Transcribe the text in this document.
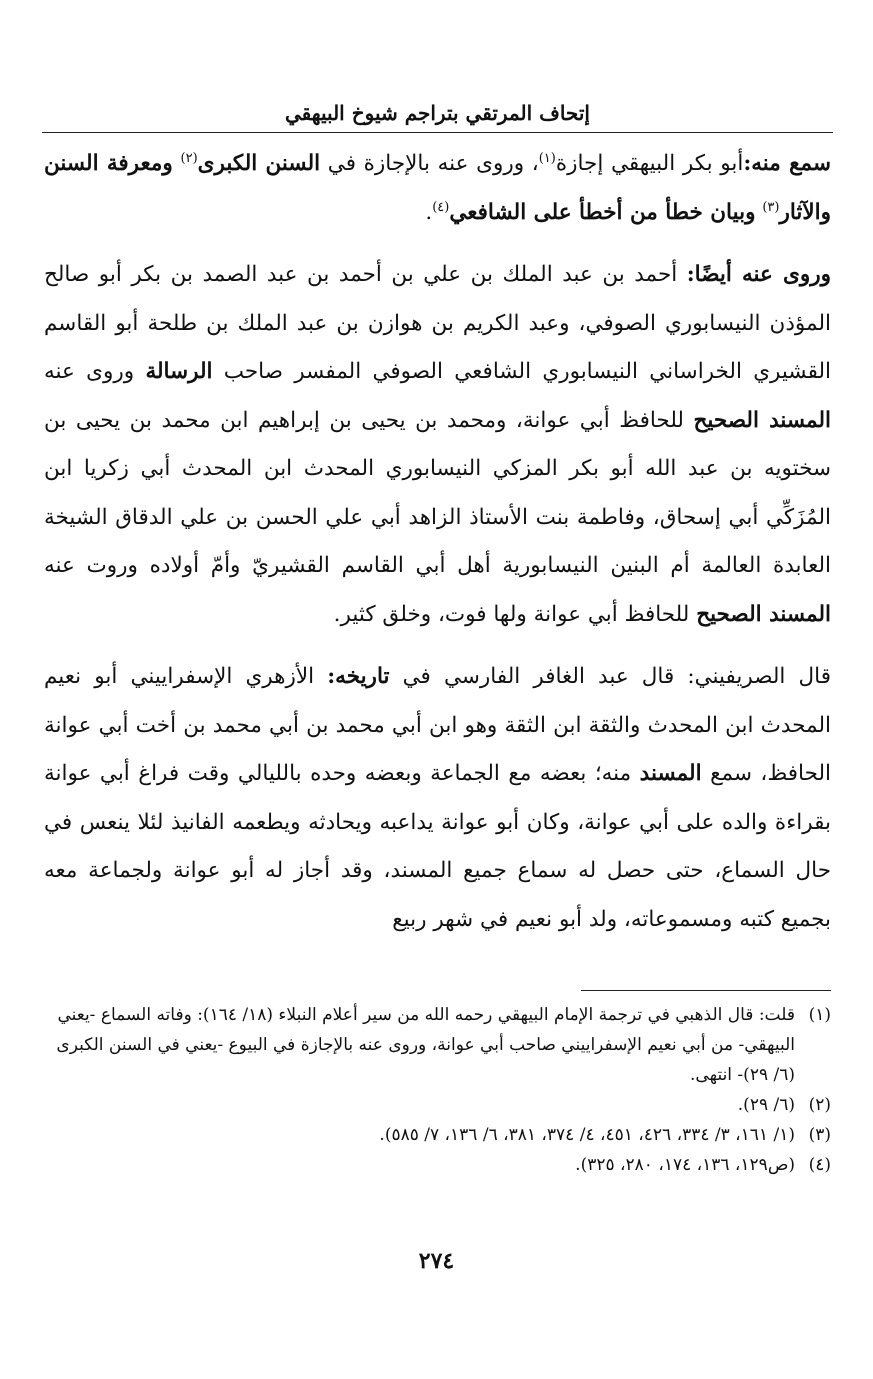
إتحاف المرتقي بتراجم شيوخ البيهقي

سمع منه:أبو بكر البيهقي إجازة$^{(١)}$، وروى عنه بالإجازة في السنن الكبرى$^{(٢)}$ ومعرفة السنن والآثار$^{(٣)}$ وبيان خطأ من أخطأ على الشافعي$^{(٤)}$.

وروى عنه أيضًا: أحمد بن عبد الملك بن علي بن أحمد بن عبد الصمد بن بكر أبو صالح المؤذن النيسابوري الصوفي، وعبد الكريم بن هوازن بن عبد الملك بن طلحة أبو القاسم القشيري الخراساني النيسابوري الشافعي الصوفي المفسر صاحب الرسالة وروى عنه المسند الصحيح للحافظ أبي عوانة، ومحمد بن يحيى بن إبراهيم ابن محمد بن يحيى بن سختويه بن عبد الله أبو بكر المزكي النيسابوري المحدث ابن المحدث أبي زكريا ابن المُزَكِّي أبي إسحاق، وفاطمة بنت الأستاذ الزاهد أبي علي الحسن بن علي الدقاق الشيخة العابدة العالمة أم البنين النيسابورية أهل أبي القاسم القشيريّ وأمّ أولاده وروت عنه المسند الصحيح للحافظ أبي عوانة ولها فوت، وخلق كثير.

قال الصريفيني: قال عبد الغافر الفارسي في تاريخه: الأزهري الإسفراييني أبو نعيم المحدث ابن المحدث والثقة ابن الثقة وهو ابن أبي محمد بن أبي محمد بن أخت أبي عوانة الحافظ، سمع المسند منه؛ بعضه مع الجماعة وبعضه وحده بالليالي وقت فراغ أبي عوانة بقراءة والده على أبي عوانة، وكان أبو عوانة يداعبه ويحادثه ويطعمه الفانيذ لئلا ينعس في حال السماع، حتى حصل له سماع جميع المسند، وقد أجاز له أبو عوانة ولجماعة معه بجميع كتبه ومسموعاته، ولد أبو نعيم في شهر ربيع

(١)قلت: قال الذهبي في ترجمة الإمام البيهقي رحمه الله من سير أعلام النبلاء (١٨/ ١٦٤): وفاته السماع -يعني البيهقي- من أبي نعيم الإسفراييني صاحب أبي عوانة، وروى عنه بالإجازة في البيوع -يعني في السنن الكبرى (٦/ ٢٩)- انتهى.

(٢)(٦/ ٢٩).

(٣)(١/ ١٦١، ٣/ ٣٣٤، ٤٢٦، ٤٥١، ٤/ ٣٧٤، ٣٨١، ٦/ ١٣٦، ٧/ ٥٨٥).

(٤)(ص١٢٩، ١٣٦، ١٧٤، ٢٨٠، ٣٢٥).

٢٧٤
